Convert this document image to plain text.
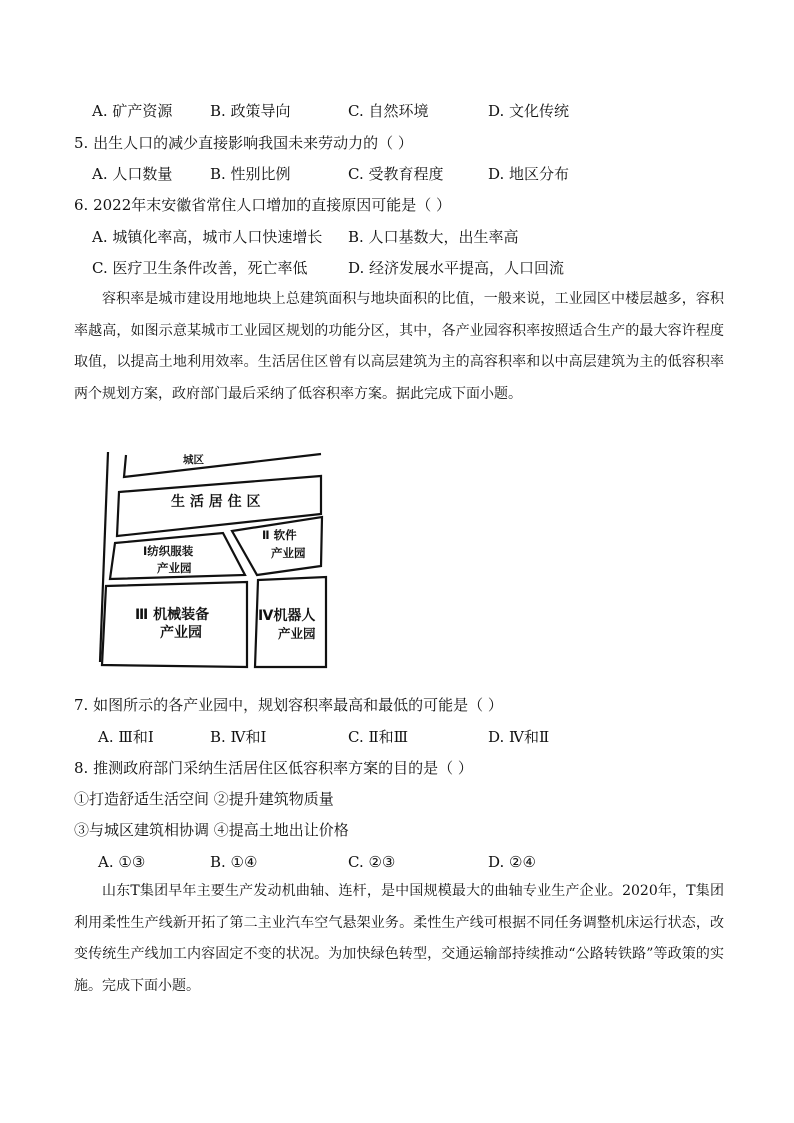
A. 矿产资源	B. 政策导向	C. 自然环境	D. 文化传统
5. 出生人口的减少直接影响我国未来劳动力的（ ）
A. 人口数量	B. 性别比例	C. 受教育程度	D. 地区分布
6. 2022年末安徽省常住人口增加的直接原因可能是（ ）
A. 城镇化率高，城市人口快速增长 B. 人口基数大，出生率高
C. 医疗卫生条件改善，死亡率低	D. 经济发展水平提高，人口回流
容积率是城市建设用地地块上总建筑面积与地块面积的比值，一般来说，工业园区中楼层越多，容积率越高，如图示意某城市工业园区规划的功能分区，其中，各产业园容积率按照适合生产的最大容许程度取值，以提高土地利用效率。生活居住区曾有以高层建筑为主的高容积率和以中高层建筑为主的低容积率两个规划方案，政府部门最后采纳了低容积率方案。据此完成下面小题。
城区
生 活 居 住 区
Ⅰ纺织服装
产业园
Ⅱ 软件
产业园
Ⅲ 机械装备
产业园
Ⅳ机器人
产业园
7. 如图所示的各产业园中，规划容积率最高和最低的可能是（ ）
A. Ⅲ和Ⅰ	B. Ⅳ和Ⅰ	C. Ⅱ和Ⅲ	D. Ⅳ和Ⅱ
8. 推测政府部门采纳生活居住区低容积率方案的目的是（ ）
①打造舒适生活空间 ②提升建筑物质量
③与城区建筑相协调 ④提高土地出让价格
A. ①③	B. ①④	C. ②③	D. ②④
山东T集团早年主要生产发动机曲轴、连杆，是中国规模最大的曲轴专业生产企业。2020年，T集团利用柔性生产线新开拓了第二主业汽车空气悬架业务。柔性生产线可根据不同任务调整机床运行状态，改变传统生产线加工内容固定不变的状况。为加快绿色转型，交通运输部持续推动“公路转铁路”等政策的实施。完成下面小题。
